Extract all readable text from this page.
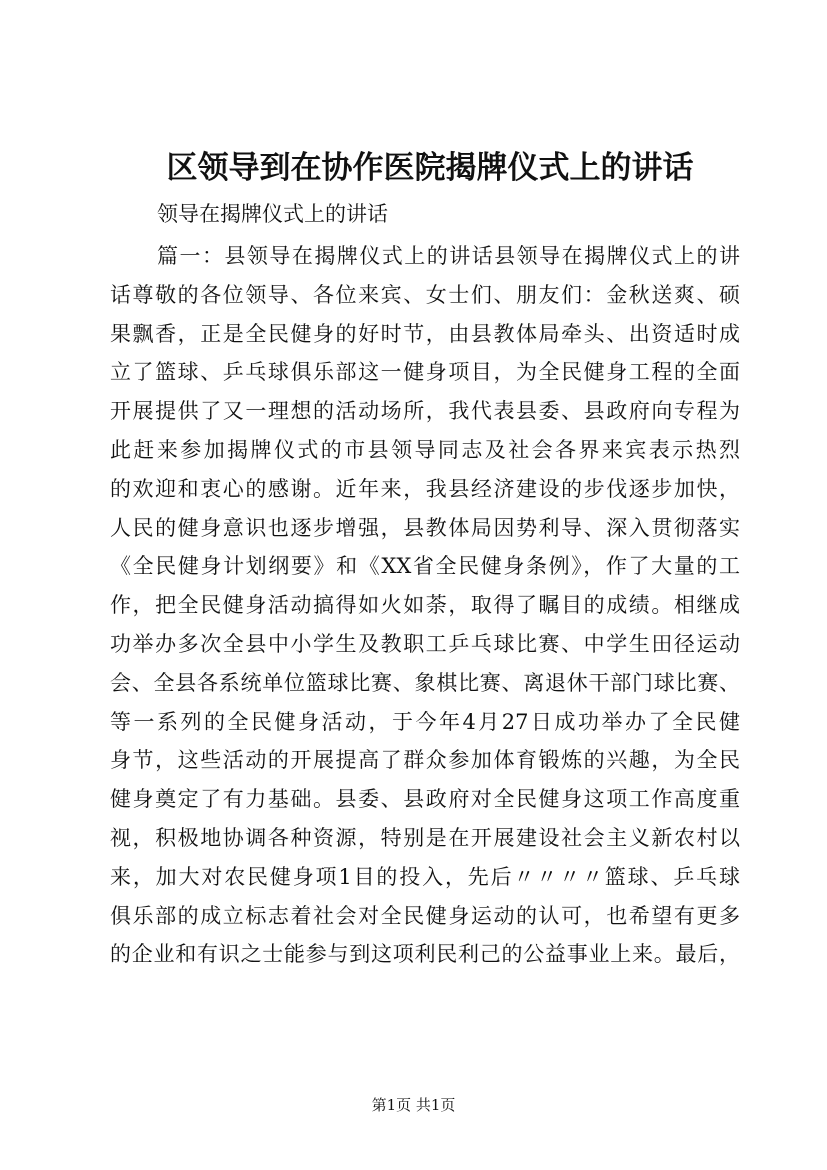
区领导到在协作医院揭牌仪式上的讲话
领导在揭牌仪式上的讲话
篇一：县领导在揭牌仪式上的讲话县领导在揭牌仪式上的讲
话尊敬的各位领导、各位来宾、女士们、朋友们：金秋送爽、硕
果飘香，正是全民健身的好时节，由县教体局牵头、出资适时成
立了篮球、乒乓球俱乐部这一健身项目，为全民健身工程的全面
开展提供了又一理想的活动场所，我代表县委、县政府向专程为
此赶来参加揭牌仪式的市县领导同志及社会各界来宾表示热烈
的欢迎和衷心的感谢。近年来，我县经济建设的步伐逐步加快，
人民的健身意识也逐步增强，县教体局因势利导、深入贯彻落实
《全民健身计划纲要》和《XX省全民健身条例》，作了大量的工
作，把全民健身活动搞得如火如荼，取得了瞩目的成绩。相继成
功举办多次全县中小学生及教职工乒乓球比赛、中学生田径运动
会、全县各系统单位篮球比赛、象棋比赛、离退休干部门球比赛、
等一系列的全民健身活动，于今年4月27日成功举办了全民健
身节，这些活动的开展提高了群众参加体育锻炼的兴趣，为全民
健身奠定了有力基础。县委、县政府对全民健身这项工作高度重
视，积极地协调各种资源，特别是在开展建设社会主义新农村以
来，加大对农民健身项1目的投入，先后〃〃〃〃篮球、乒乓球
俱乐部的成立标志着社会对全民健身运动的认可，也希望有更多
的企业和有识之士能参与到这项利民利己的公益事业上来。最后，
第1页 共1页
